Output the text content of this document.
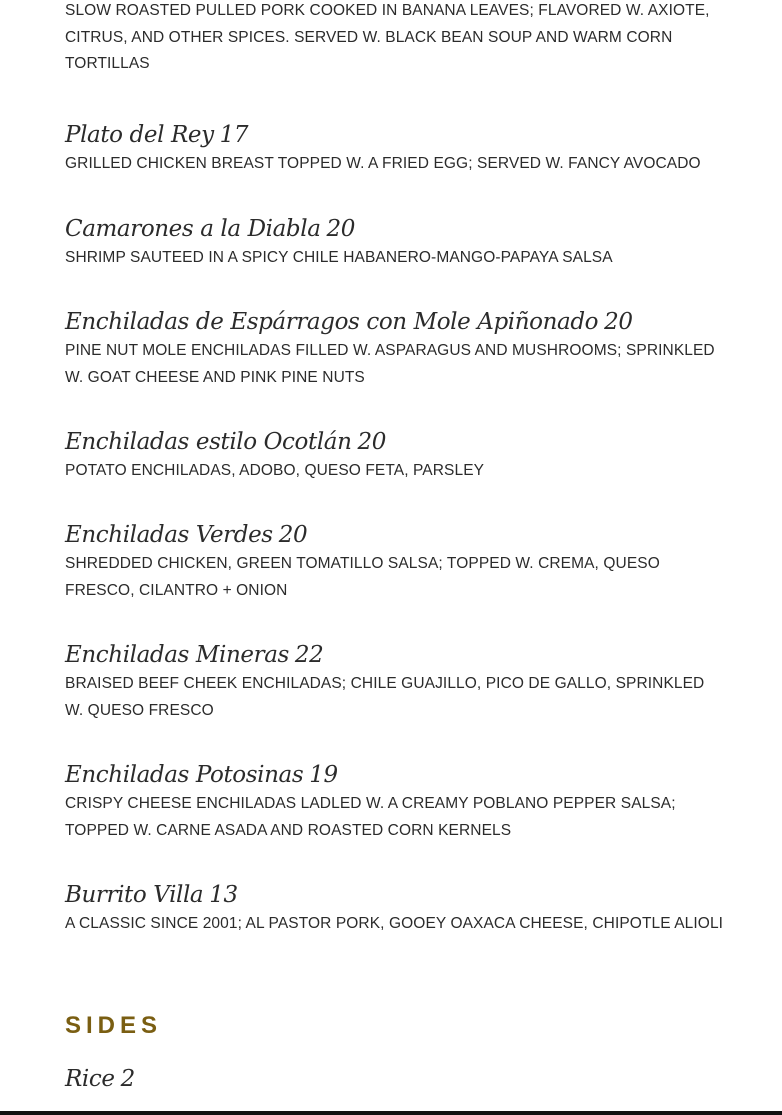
SLOW ROASTED PULLED PORK COOKED IN BANANA LEAVES; FLAVORED W. AXIOTE, CITRUS, AND OTHER SPICES. SERVED W. BLACK BEAN SOUP AND WARM CORN TORTILLAS

Plato del Rey 17

GRILLED CHICKEN BREAST TOPPED W. A FRIED EGG; SERVED W. FANCY AVOCADO

Camarones a la Diabla 20

SHRIMP SAUTEED IN A SPICY CHILE HABANERO-MANGO-PAPAYA SALSA

Enchiladas de Espárragos con Mole Apiñonado 20

PINE NUT MOLE ENCHILADAS FILLED W. ASPARAGUS AND MUSHROOMS; SPRINKLED W. GOAT CHEESE AND PINK PINE NUTS

Enchiladas estilo Ocotlán 20

POTATO ENCHILADAS, ADOBO, QUESO FETA, PARSLEY

Enchiladas Verdes 20

SHREDDED CHICKEN, GREEN TOMATILLO SALSA; TOPPED W. CREMA, QUESO FRESCO, CILANTRO + ONION

Enchiladas Mineras 22

BRAISED BEEF CHEEK ENCHILADAS; CHILE GUAJILLO, PICO DE GALLO, SPRINKLED W. QUESO FRESCO

Enchiladas Potosinas 19

CRISPY CHEESE ENCHILADAS LADLED W. A CREAMY POBLANO PEPPER SALSA; TOPPED W. CARNE ASADA AND ROASTED CORN KERNELS

Burrito Villa 13

A CLASSIC SINCE 2001; AL PASTOR PORK, GOOEY OAXACA CHEESE, CHIPOTLE ALIOLI

SIDES
Rice 2
